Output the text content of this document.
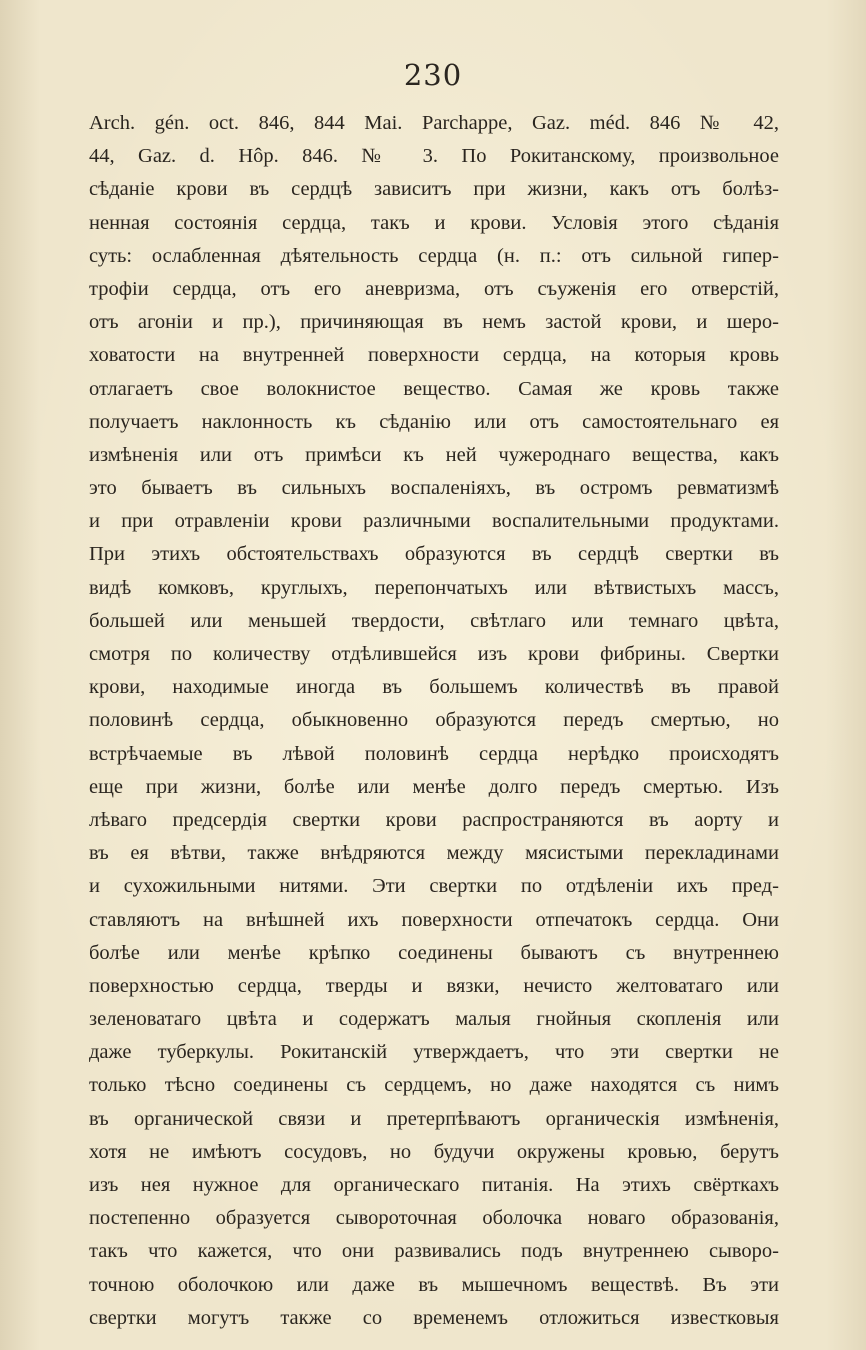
230
Arch. gén. oct. 846, 844 Mai. Parchappe, Gaz. méd. 846 № 42,
44, Gaz. d. Hôp. 846. № 3. По Рокитанскому, произвольное
сѣданіе крови въ сердцѣ зависитъ при жизни, какъ отъ болѣз-
ненная состоянія сердца, такъ и крови. Условія этого сѣданія
суть: ослабленная дѣятельность сердца (н. п.: отъ сильной гипер-
трофіи сердца, отъ его аневризма, отъ съуженія его отверстій,
отъ агоніи и пр.), причиняющая въ немъ застой крови, и шеро-
ховатости на внутренней поверхности сердца, на которыя кровь
отлагаетъ свое волокнистое вещество. Самая же кровь также
получаетъ наклонность къ сѣданію или отъ самостоятельнаго ея
измѣненія или отъ примѣси къ ней чужероднаго вещества, какъ
это бываетъ въ сильныхъ воспаленіяхъ, въ остромъ ревматизмѣ
и при отравленіи крови различными воспалительными продуктами.
При этихъ обстоятельствахъ образуются въ сердцѣ свертки въ
видѣ комковъ, круглыхъ, перепончатыхъ или вѣтвистыхъ массъ,
большей или меньшей твердости, свѣтлаго или темнаго цвѣта,
смотря по количеству отдѣлившейся изъ крови фибрины. Свертки
крови, находимые иногда въ большемъ количествѣ въ правой
половинѣ сердца, обыкновенно образуются передъ смертью, но
встрѣчаемые въ лѣвой половинѣ сердца нерѣдко происходятъ
еще при жизни, болѣе или менѣе долго передъ смертью. Изъ
лѣваго предсердія свертки крови распространяются въ аорту и
въ ея вѣтви, также внѣдряются между мясистыми перекладинами
и сухожильными нитями. Эти свертки по отдѣленіи ихъ пред-
ставляютъ на внѣшней ихъ поверхности отпечатокъ сердца. Они
болѣе или менѣе крѣпко соединены бываютъ съ внутреннею
поверхностью сердца, тверды и вязки, нечисто желтоватаго или
зеленоватаго цвѣта и содержатъ малыя гнойныя скопленія или
даже туберкулы. Рокитанскій утверждаетъ, что эти свертки не
только тѣсно соединены съ сердцемъ, но даже находятся съ нимъ
въ органической связи и претерпѣваютъ органическія измѣненія,
хотя не имѣютъ сосудовъ, но будучи окружены кровью, берутъ
изъ нея нужное для органическаго питанія. На этихъ свёрткахъ
постепенно образуется сывороточная оболочка новаго образованія,
такъ что кажется, что они развивались подъ внутреннею сыворо-
точною оболочкою или даже въ мышечномъ веществѣ. Въ эти
свертки могутъ также со временемъ отложиться известковыя
